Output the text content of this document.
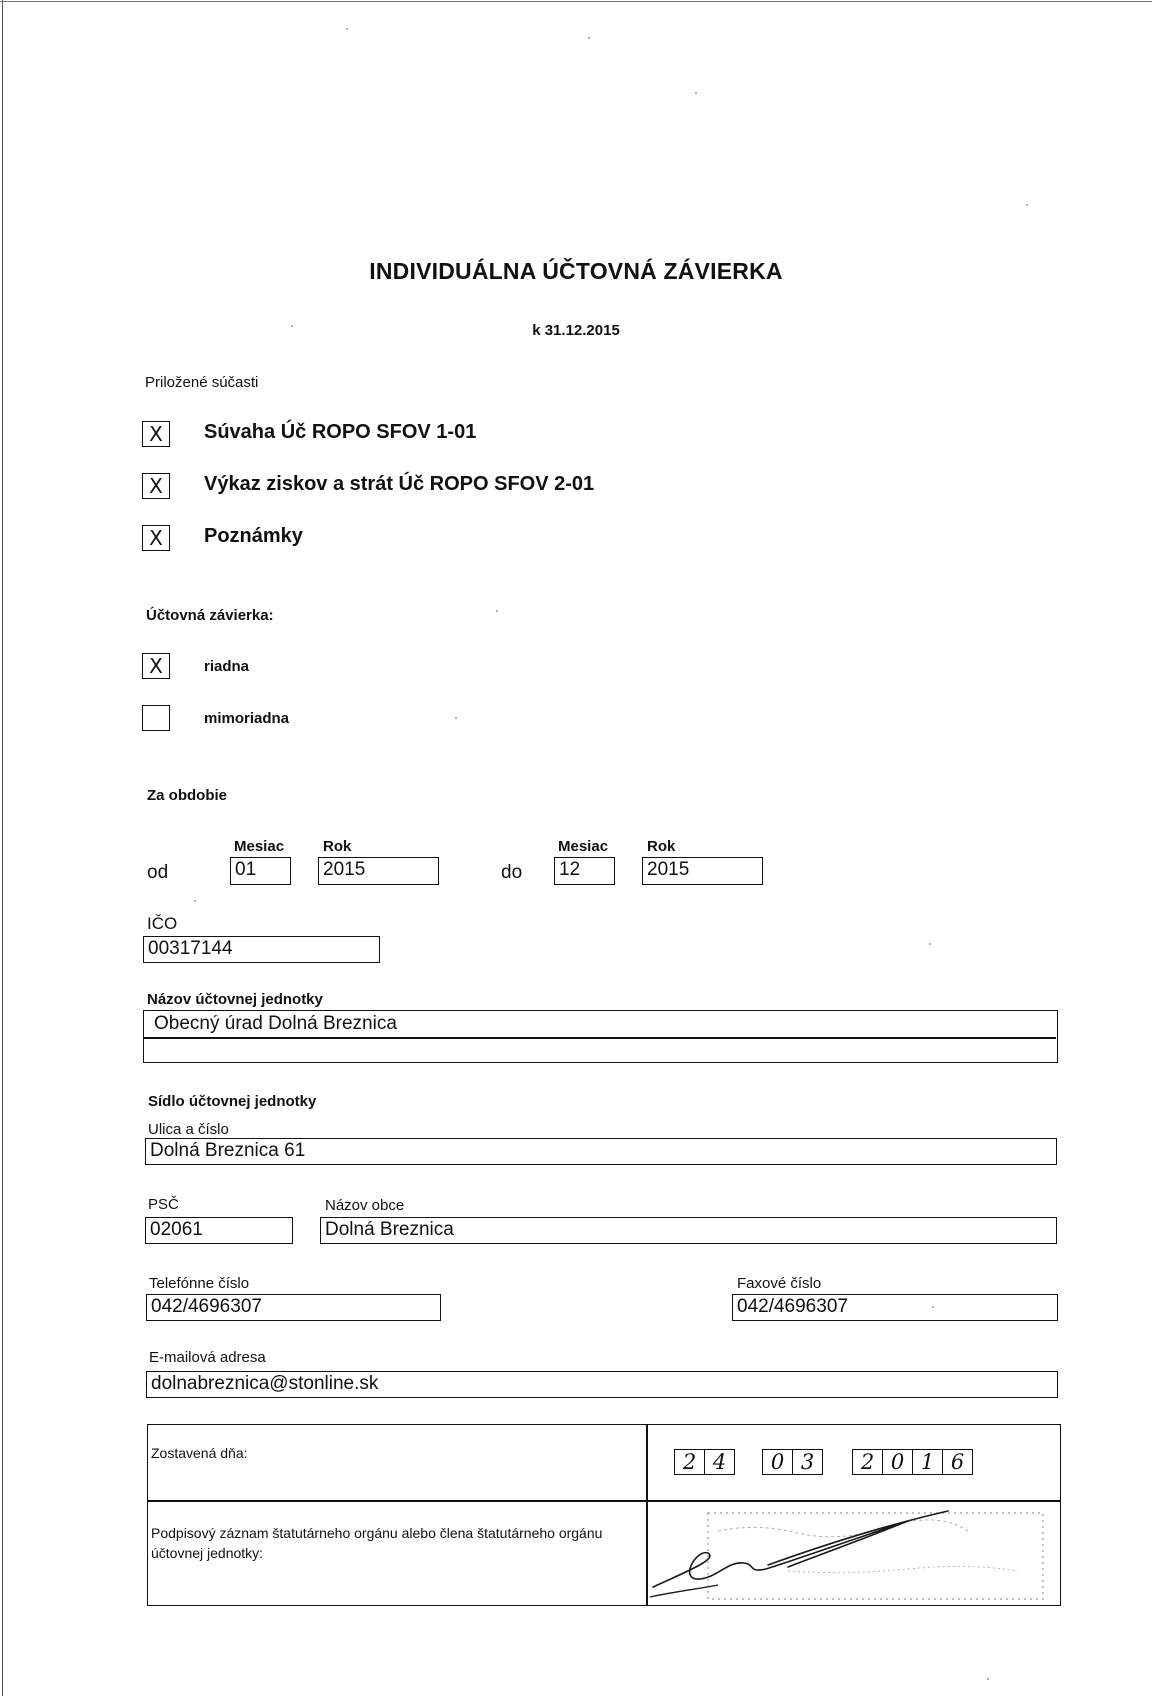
INDIVIDUÁLNA ÚČTOVNÁ ZÁVIERKA
k 31.12.2015
Priložené súčasti
X	Súvaha Úč ROPO SFOV 1-01
X	Výkaz ziskov a strát Úč ROPO SFOV 2-01
X	Poznámky
Účtovná závierka:
X	riadna
mimoriadna
Za obdobie
Mesiac	Rok
od	01	2015
Mesiac	Rok
do 12	2015
IČO
00317144
Názov účtovnej jednotky
Obecný úrad Dolná Breznica
Sídlo účtovnej jednotky
Ulica a číslo
Dolná Breznica 61
PSČ
02061
Názov obce
Dolná Breznica
Telefónne číslo
042/4696307
Faxové číslo
042/4696307
E-mailová adresa
dolnabreznica@stonline.sk
Zostavená dňa:	2 4	0 3	2 0 1 6
Podpisový záznam štatutárneho orgánu alebo člena štatutárneho orgánu účtovnej jednotky:
